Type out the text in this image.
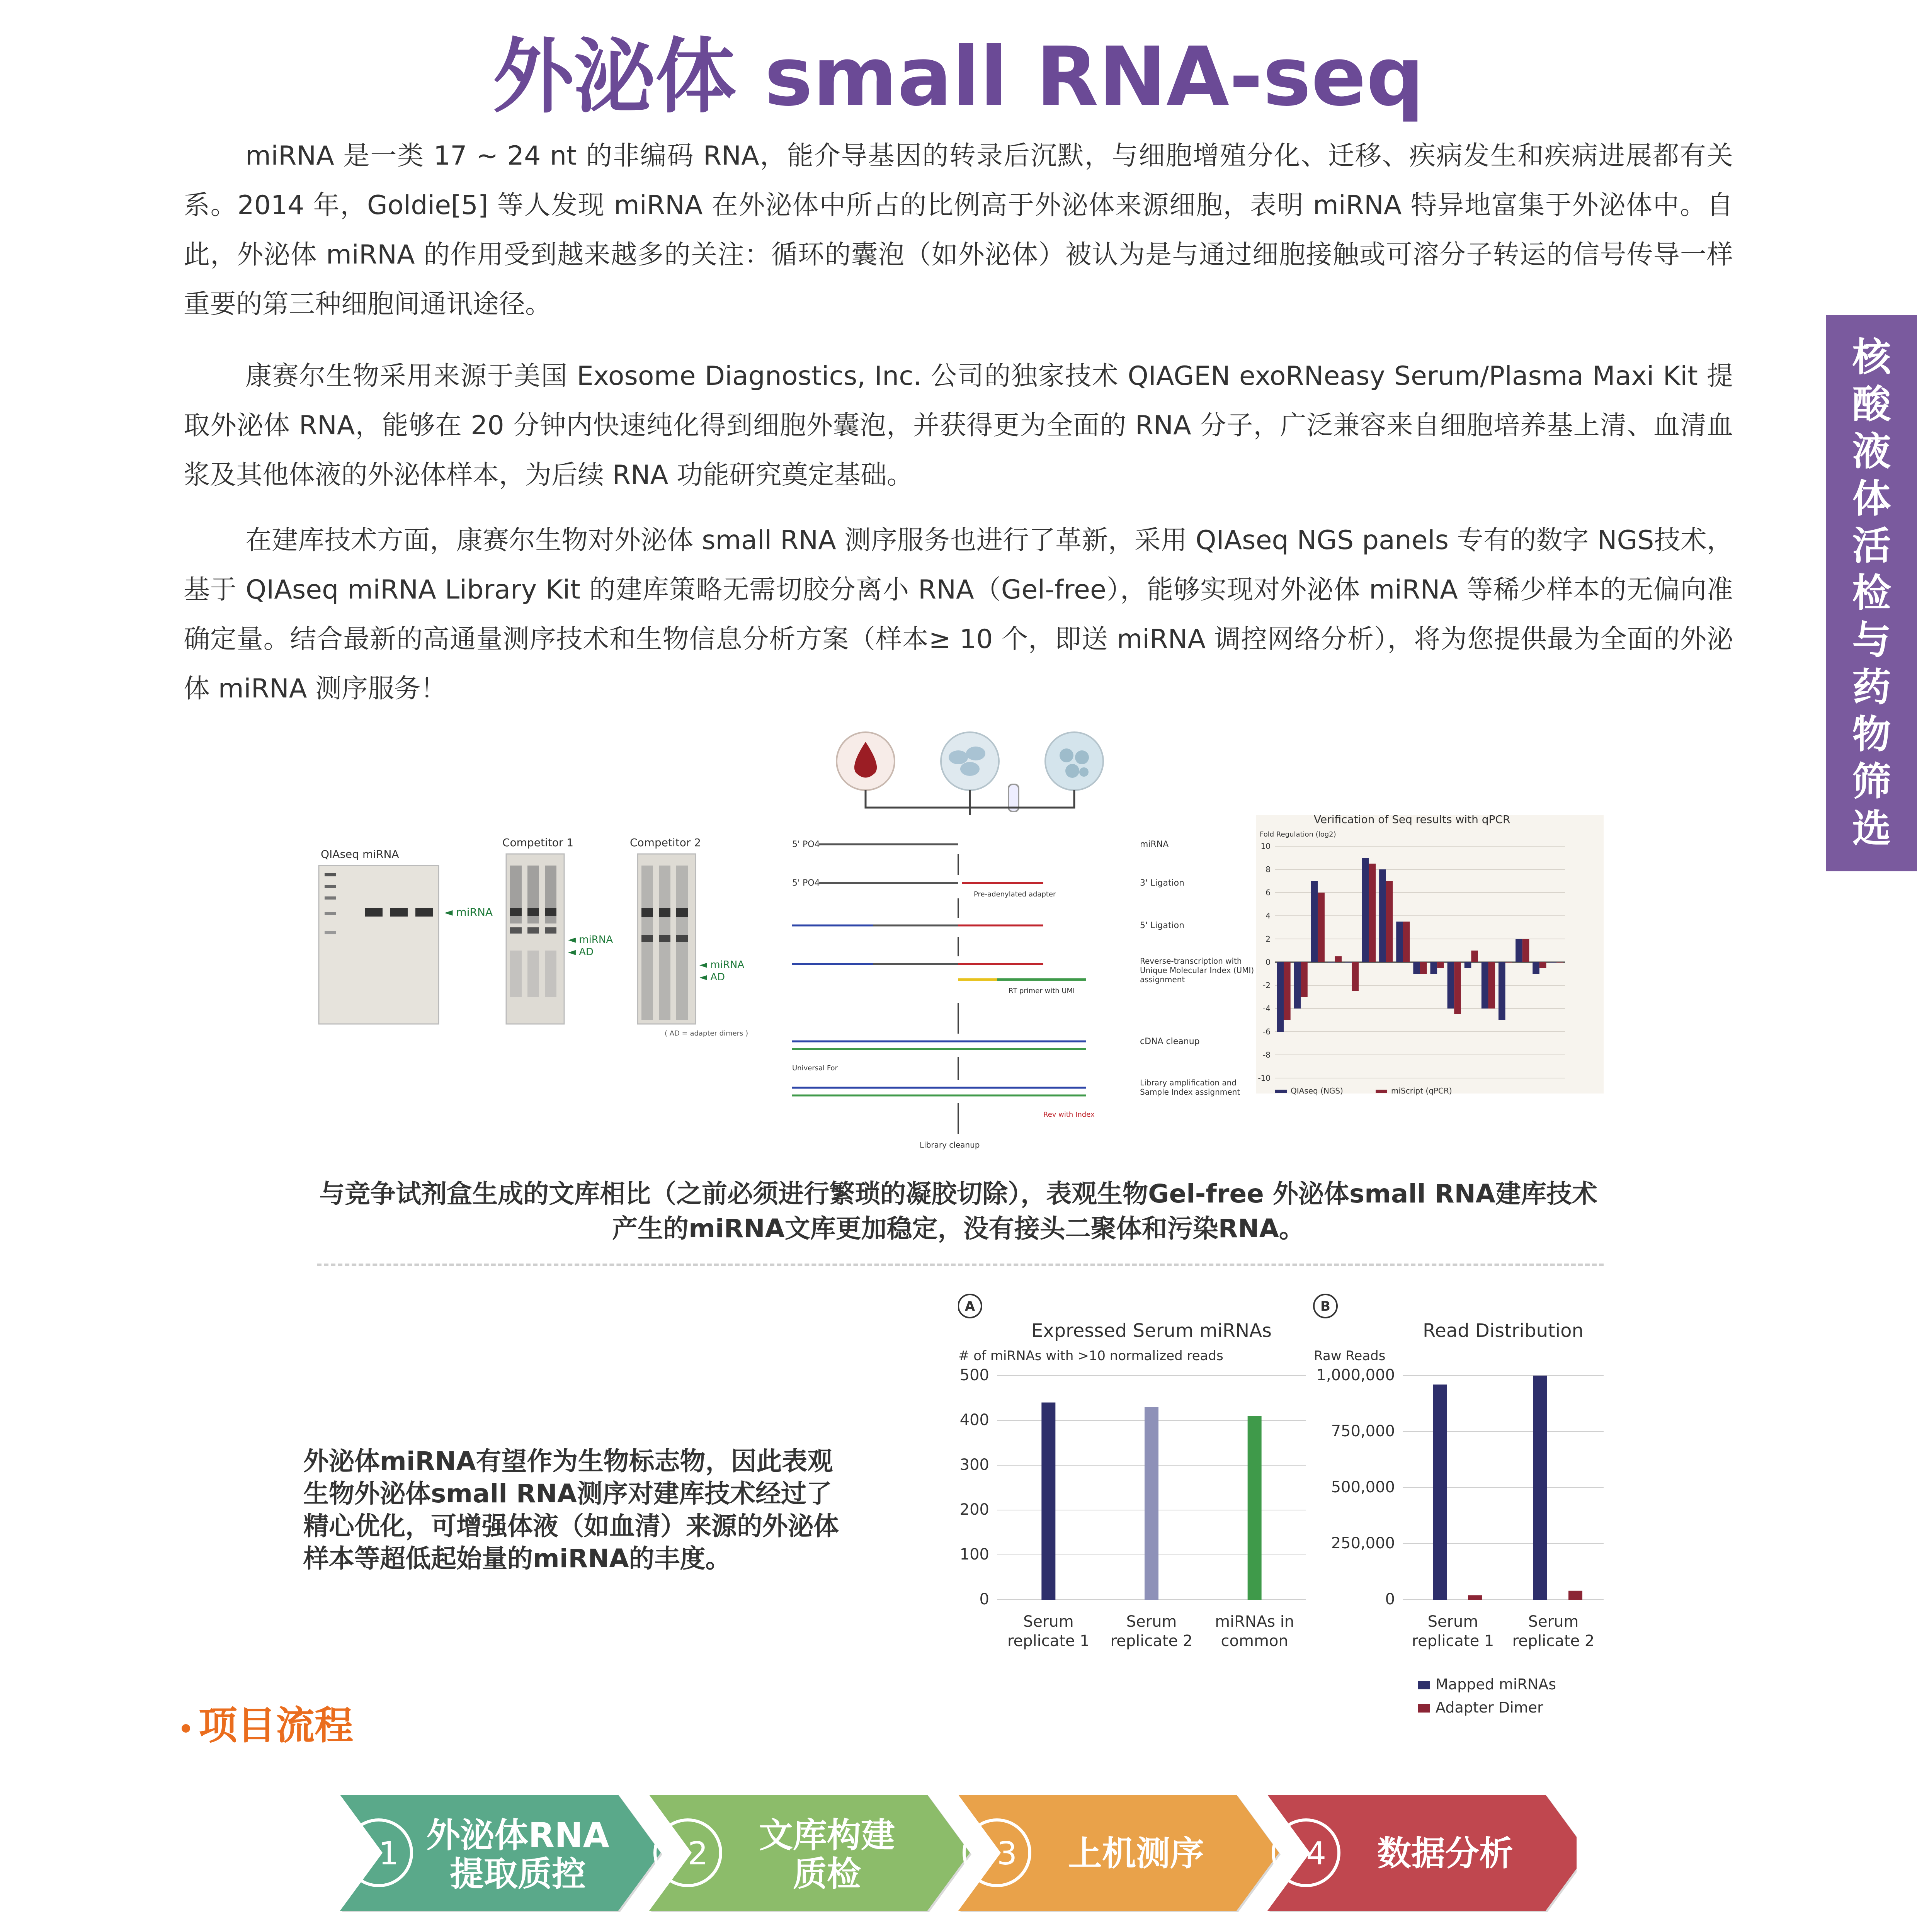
外泌体 small RNA-seq
核
酸
液
体
活
检
与
药
物
筛
选

miRNA 是一类 17 ~ 24 nt 的非编码 RNA，能介导基因的转录后沉默，与细胞增殖分化、迁移、疾病发生和疾病进展都有关系。2014 年，Goldie[5] 等人发现 miRNA 在外泌体中所占的比例高于外泌体来源细胞，表明 miRNA 特异地富集于外泌体中。自此，外泌体 miRNA 的作用受到越来越多的关注：循环的囊泡（如外泌体）被认为是与通过细胞接触或可溶分子转运的信号传导一样重要的第三种细胞间通讯途径。

康赛尔生物采用来源于美国 Exosome Diagnostics, Inc. 公司的独家技术 QIAGEN exoRNeasy Serum/Plasma Maxi Kit 提取外泌体 RNA，能够在 20 分钟内快速纯化得到细胞外囊泡，并获得更为全面的 RNA 分子，广泛兼容来自细胞培养基上清、血清血浆及其他体液的外泌体样本，为后续 RNA 功能研究奠定基础。

在建库技术方面，康赛尔生物对外泌体 small RNA 测序服务也进行了革新，采用 QIAseq NGS panels 专有的数字 NGS技术，基于 QIAseq miRNA Library Kit 的建库策略无需切胶分离小 RNA（Gel-free），能够实现对外泌体 miRNA 等稀少样本的无偏向准确定量。结合最新的高通量测序技术和生物信息分析方案（样本≥ 10 个，即送 miRNA 调控网络分析），将为您提供最为全面的外泌体 miRNA 测序服务！

QIAseq miRNA
◄ miRNA
Competitor 1
◄ miRNA
◄ AD
Competitor 2
◄ miRNA
◄ AD
( AD = adapter dimers )
5' PO4
5' PO4
Pre-adenylated adapter
RT primer with UMI
Universal For
Rev with Index
Library cleanup
miRNA
3' Ligation
5' Ligation
Reverse-transcription with Unique Molecular Index (UMI) assignment
cDNA cleanup
Library amplification and Sample Index assignment
Verification of Seq results with qPCR
Fold Regulation (log2)
10
8
6
4
2
0
-2
-4
-6
-8
-10
QIAseq (NGS)	miScript (qPCR)
与竞争试剂盒生成的文库相比（之前必须进行繁琐的凝胶切除），表观生物Gel-free 外泌体small RNA建库技术
产生的miRNA文库更加稳定，没有接头二聚体和污染RNA。
外泌体miRNA有望作为生物标志物，因此表观生物外泌体small RNA测序对建库技术经过了精心优化，可增强体液（如血清）来源的外泌体样本等超低起始量的miRNA的丰度。
A
Expressed Serum miRNAs
# of miRNAs with >10 normalized reads
500
400
300
200
100
0
Serum
replicate 1
Serum
replicate 2
miRNAs in
common
B
Read Distribution
Raw Reads
1,000,000
750,000
500,000
250,000
0
Mapped miRNAs
Adapter Dimer
Serum
replicate 1
Serum
replicate 2
项目流程
01 外泌体RNA
提取质控
02 文库构建
质检
03 上机测序	04 数据分析
